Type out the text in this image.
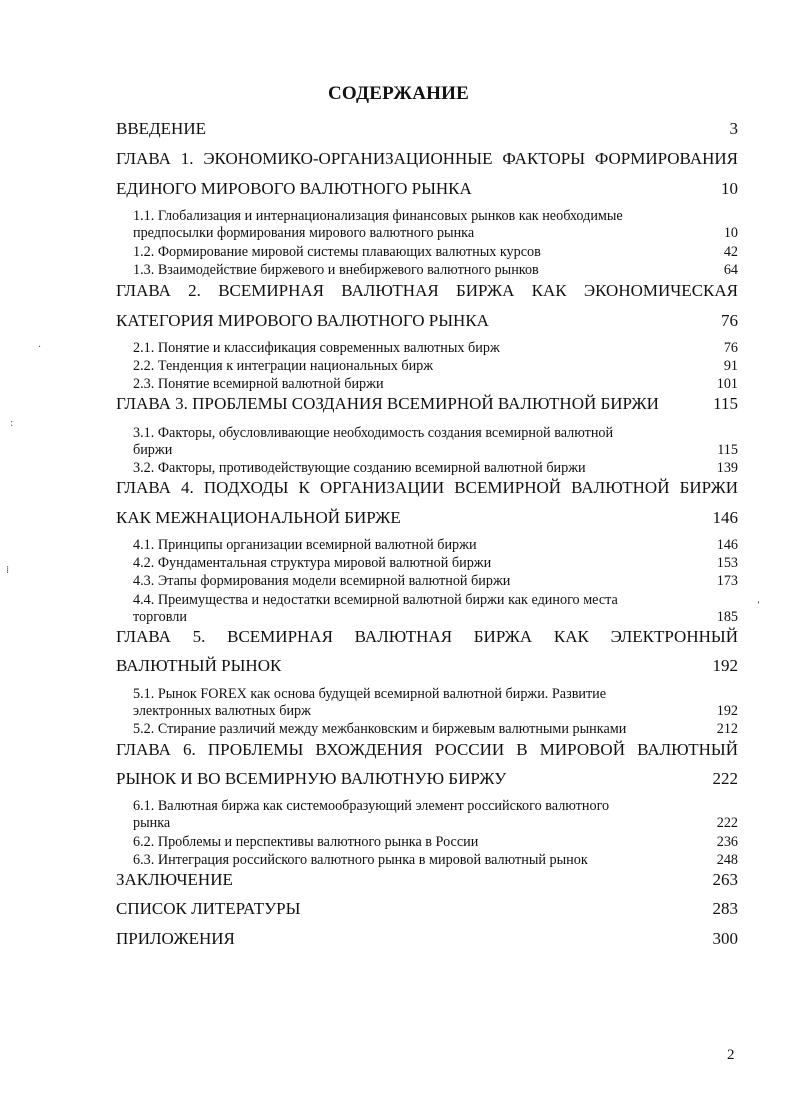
СОДЕРЖАНИЕ
ВВЕДЕНИЕ	3
ГЛАВА 1. ЭКОНОМИКО-ОРГАНИЗАЦИОННЫЕ ФАКТОРЫ ФОРМИРОВАНИЯ
ЕДИНОГО МИРОВОГО ВАЛЮТНОГО РЫНКА	10
1.1. Глобализация и интернационализация финансовых рынков как необходимые
предпосылки формирования мирового валютного рынка	10
1.2. Формирование мировой системы плавающих валютных курсов	42
1.3. Взаимодействие биржевого и внебиржевого валютного рынков	64
ГЛАВА 2. ВСЕМИРНАЯ ВАЛЮТНАЯ БИРЖА КАК ЭКОНОМИЧЕСКАЯ
КАТЕГОРИЯ МИРОВОГО ВАЛЮТНОГО РЫНКА	76
2.1. Понятие и классификация современных валютных бирж	76
2.2. Тенденция к интеграции национальных бирж	91
2.3. Понятие всемирной валютной биржи	101
ГЛАВА 3. ПРОБЛЕМЫ СОЗДАНИЯ ВСЕМИРНОЙ ВАЛЮТНОЙ БИРЖИ	115
3.1. Факторы, обусловливающие необходимость создания всемирной валютной
биржи	115
3.2. Факторы, противодействующие созданию всемирной валютной биржи	139
ГЛАВА 4. ПОДХОДЫ К ОРГАНИЗАЦИИ ВСЕМИРНОЙ ВАЛЮТНОЙ БИРЖИ
КАК МЕЖНАЦИОНАЛЬНОЙ БИРЖЕ	146
4.1. Принципы организации всемирной валютной биржи	146
4.2. Фундаментальная структура мировой валютной биржи	153
4.3. Этапы формирования модели всемирной валютной биржи	173
4.4. Преимущества и недостатки всемирной валютной биржи как единого места
торговли	185
ГЛАВА 5. ВСЕМИРНАЯ ВАЛЮТНАЯ БИРЖА КАК ЭЛЕКТРОННЫЙ
ВАЛЮТНЫЙ РЫНОК	192
5.1. Рынок FOREX как основа будущей всемирной валютной биржи. Развитие
электронных валютных бирж	192
5.2. Стирание различий между межбанковским и биржевым валютными рынками	212
ГЛАВА 6. ПРОБЛЕМЫ ВХОЖДЕНИЯ РОССИИ В МИРОВОЙ ВАЛЮТНЫЙ
РЫНОК И ВО ВСЕМИРНУЮ ВАЛЮТНУЮ БИРЖУ	222
6.1. Валютная биржа как системообразующий элемент российского валютного
рынка	222
6.2. Проблемы и перспективы валютного рынка в России	236
6.3. Интеграция российского валютного рынка в мировой валютный рынок	248
ЗАКЛЮЧЕНИЕ	263
СПИСОК ЛИТЕРАТУРЫ	283
ПРИЛОЖЕНИЯ	300
·
:
⁞
'
2
